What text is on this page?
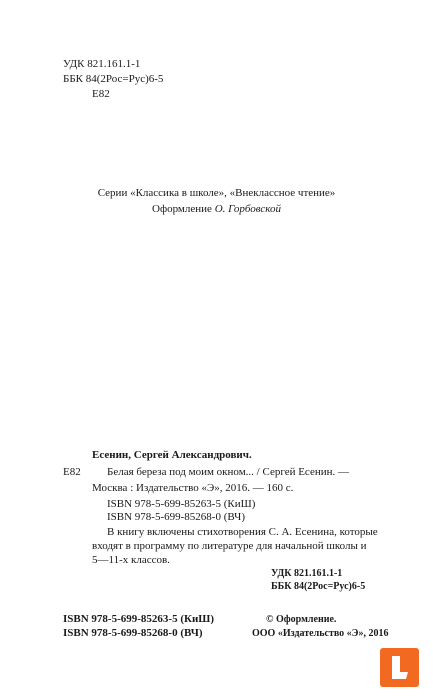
УДК 821.161.1-1
ББК 84(2Рос=Рус)6-5
Е82
Серии «Классика в школе», «Внеклассное чтение»
Оформление О. Горбовской
Есенин, Сергей Александрович.
Е82 Белая береза под моим окном... / Сергей Есенин. —
Москва : Издательство «Э», 2016. — 160 с.
ISBN 978-5-699-85263-5 (КиШ)
ISBN 978-5-699-85268-0 (ВЧ)
В книгу включены стихотворения С. А. Есенина, которые
входят в программу по литературе для начальной школы и
5—11-х классов.
УДК 821.161.1-1
ББК 84(2Рос=Рус)6-5
ISBN 978-5-699-85263-5 (КиШ)
ISBN 978-5-699-85268-0 (ВЧ)
© Оформление.
ООО «Издательство «Э», 2016
